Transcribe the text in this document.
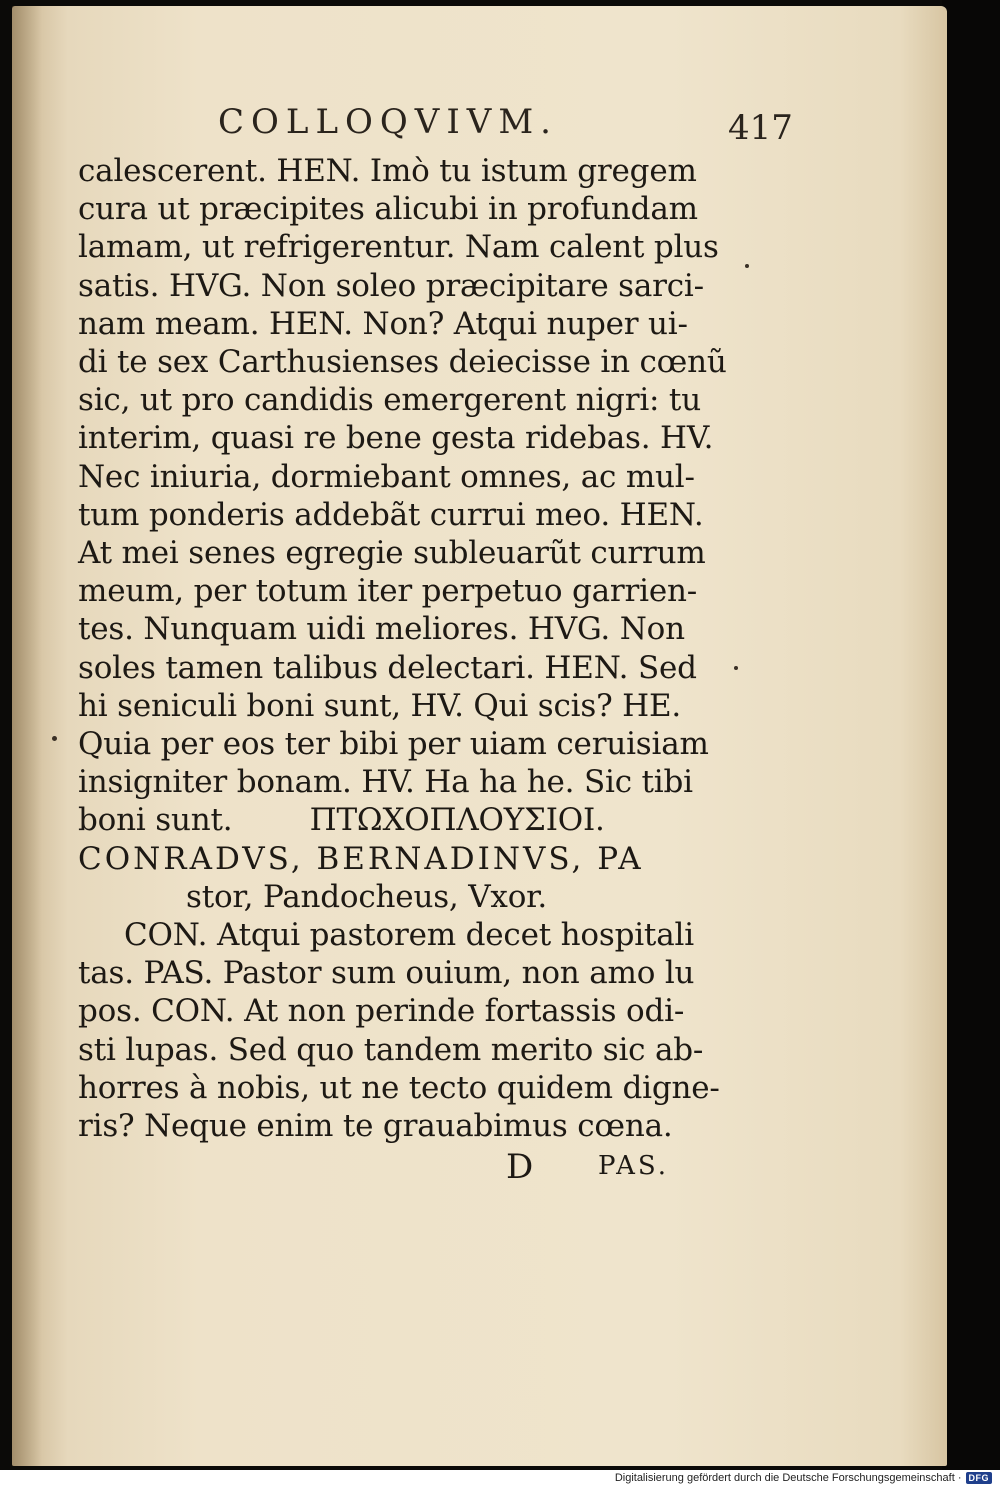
COLLOQVIVM.	417
calescerent. HEN. Imò tu istum gregem
cura ut præcipites alicubi in profundam
lamam, ut refrigerentur. Nam calent plus
satis. HVG. Non soleo præcipitare sarci-
nam meam. HEN. Non? Atqui nuper ui-
di te sex Carthusienses deiecisse in cœnũ
sic, ut pro candidis emergerent nigri: tu
interim, quasi re bene gesta ridebas. HV.
Nec iniuria, dormiebant omnes, ac mul-
tum ponderis addebãt currui meo. HEN.
At mei senes egregie subleuarũt currum
meum, per totum iter perpetuo garrien-
tes. Nunquam uidi meliores. HVG. Non
soles tamen talibus delectari. HEN. Sed
hi seniculi boni sunt, HV. Qui scis? HE.
Quia per eos ter bibi per uiam ceruisiam
insigniter bonam. HV. Ha ha he. Sic tibi
boni sunt.        ΠΤΩΧΟΠΛΟΥΣΙΟΙ.
CONRADVS, BERNADINVS, PA
stor, Pandocheus, Vxor.
CON. Atqui pastorem decet hospitali
tas. PAS. Pastor sum ouium, non amo lu
pos. CON. At non perinde fortassis odi-
sti lupas. Sed quo tandem merito sic ab-
horres à nobis, ut ne tecto quidem digne-
ris? Neque enim te grauabimus cœna.
D PAS.
Digitalisierung gefördert durch die Deutsche Forschungsgemeinschaft · DFG
